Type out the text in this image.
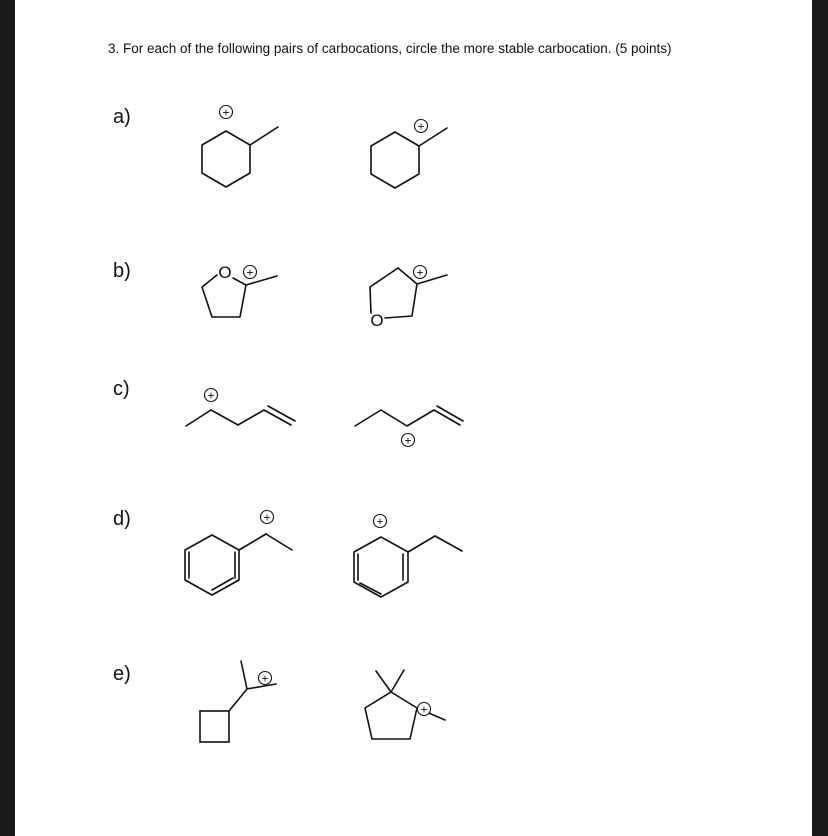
3. For each of the following pairs of carbocations, circle the more stable carbocation. (5 points)

a)
b)
c)
d)
e)
+
+
O +
O
+
+
+
+	+
+
+
